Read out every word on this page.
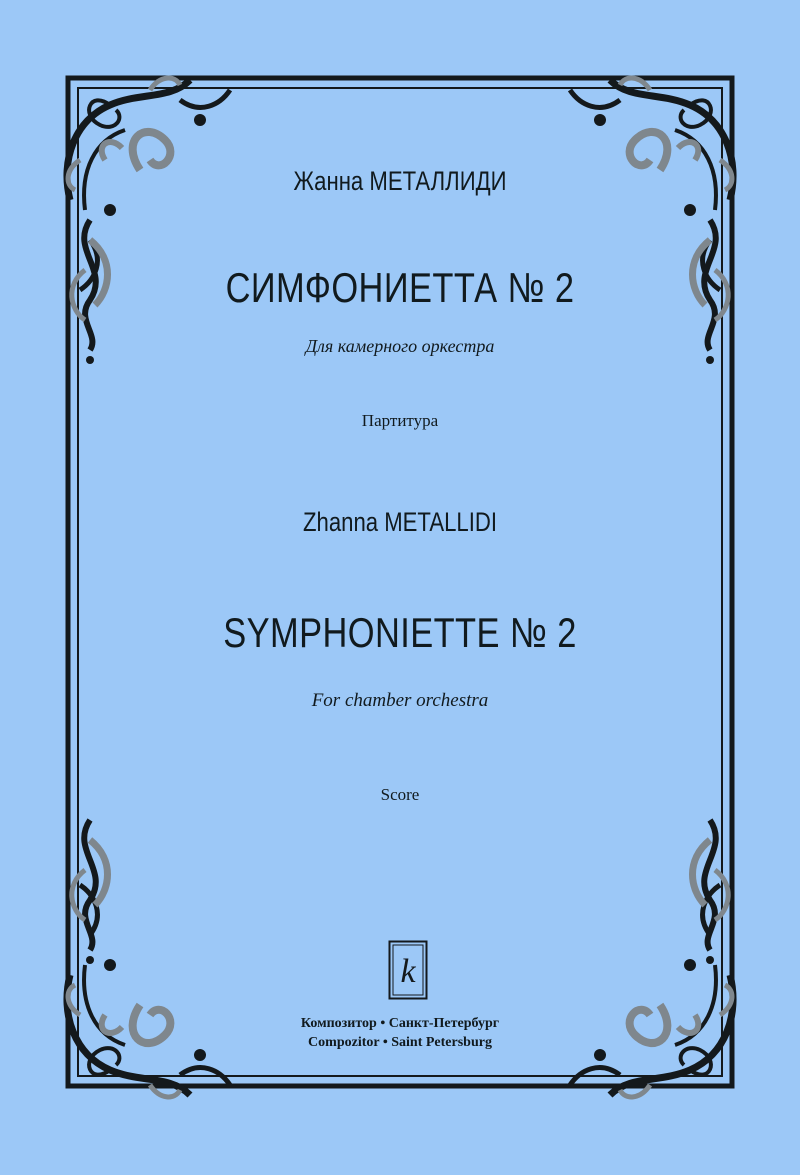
Жанна МЕТАЛЛИДИ
СИМФОНИЕТТА № 2
Для камерного оркестра
Партитура
Zhanna METALLIDI
SYMPHONIETTE № 2
For chamber orchestra
Score
k
Композитор • Санкт-Петербург
Compozitor • Saint Petersburg
